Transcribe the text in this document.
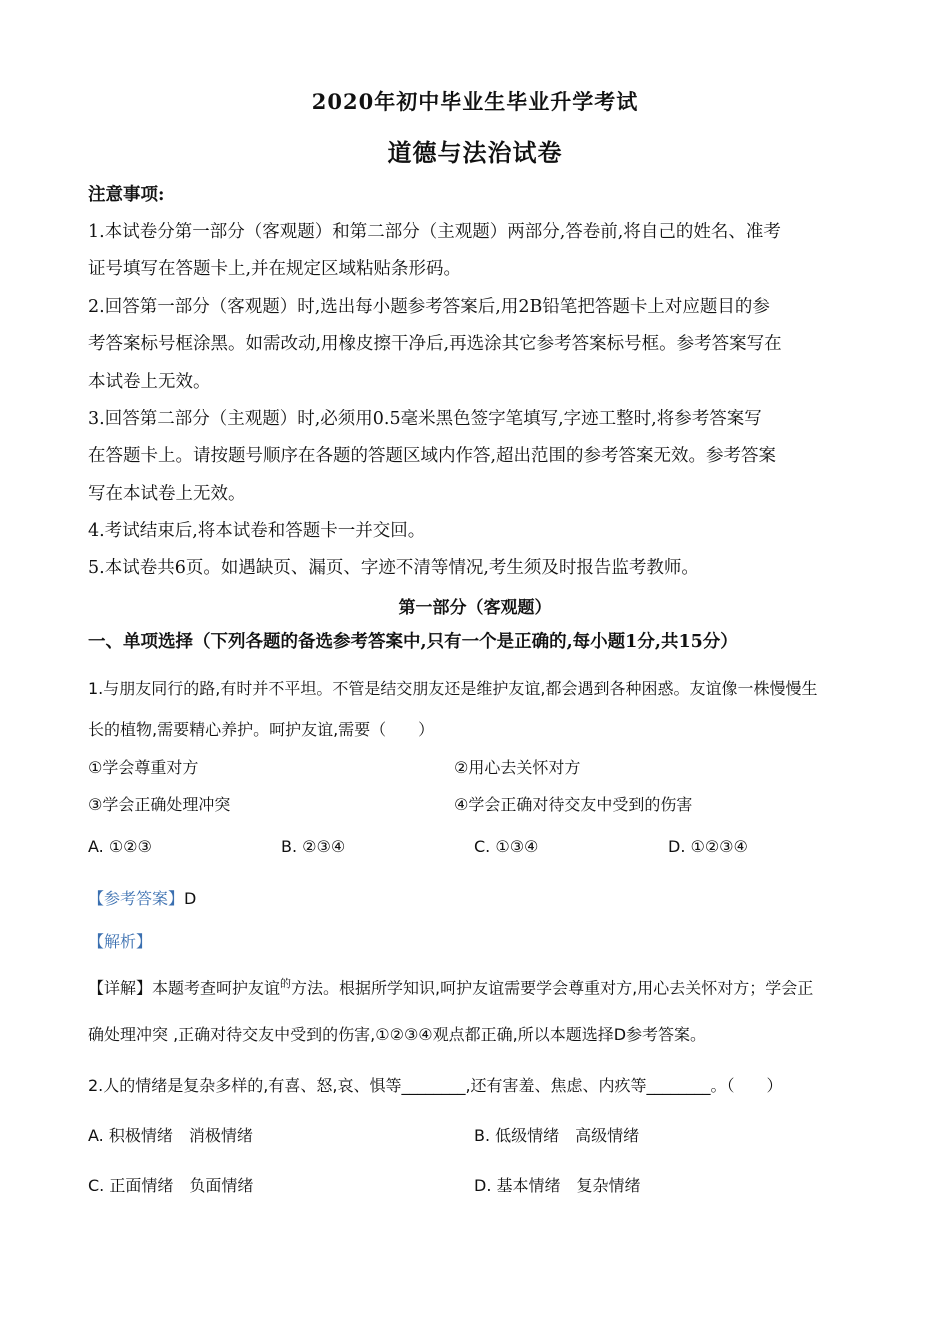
2020年初中毕业生毕业升学考试
道德与法治试卷
注意事项:
1.本试卷分第一部分（客观题）和第二部分（主观题）两部分,答卷前,将自己的姓名、准考
证号填写在答题卡上,并在规定区域粘贴条形码。
2.回答第一部分（客观题）时,选出每小题参考答案后,用2B铅笔把答题卡上对应题目的参
考答案标号框涂黑。如需改动,用橡皮擦干净后,再选涂其它参考答案标号框。参考答案写在
本试卷上无效。
3.回答第二部分（主观题）时,必须用0.5毫米黑色签字笔填写,字迹工整时,将参考答案写
在答题卡上。请按题号顺序在各题的答题区域内作答,超出范围的参考答案无效。参考答案
写在本试卷上无效。
4.考试结束后,将本试卷和答题卡一并交回。
5.本试卷共6页。如遇缺页、漏页、字迹不清等情况,考生须及时报告监考教师。
第一部分（客观题）
一、单项选择（下列各题的备选参考答案中,只有一个是正确的,每小题1分,共15分）
1.与朋友同行的路,有时并不平坦。不管是结交朋友还是维护友谊,都会遇到各种困惑。友谊像一株慢慢生
长的植物,需要精心养护。呵护友谊,需要（　　）
①学会尊重对方	②用心去关怀对方
③学会正确处理冲突	④学会正确对待交友中受到的伤害
A. ①②③	B. ②③④	C. ①③④	D. ①②③④
【参考答案】D
【解析】
【详解】本题考查呵护友谊$^的$方法。根据所学知识,呵护友谊需要学会尊重对方,用心去关怀对方；学会正
确处理冲突 ,正确对待交友中受到的伤害,①②③④观点都正确,所以本题选择D参考答案。
2.人的情绪是复杂多样的,有喜、怒,哀、惧等________,还有害羞、焦虑、内疚等________。（　　）
A. 积极情绪　消极情绪	B. 低级情绪　高级情绪
C. 正面情绪　负面情绪	D. 基本情绪　复杂情绪
